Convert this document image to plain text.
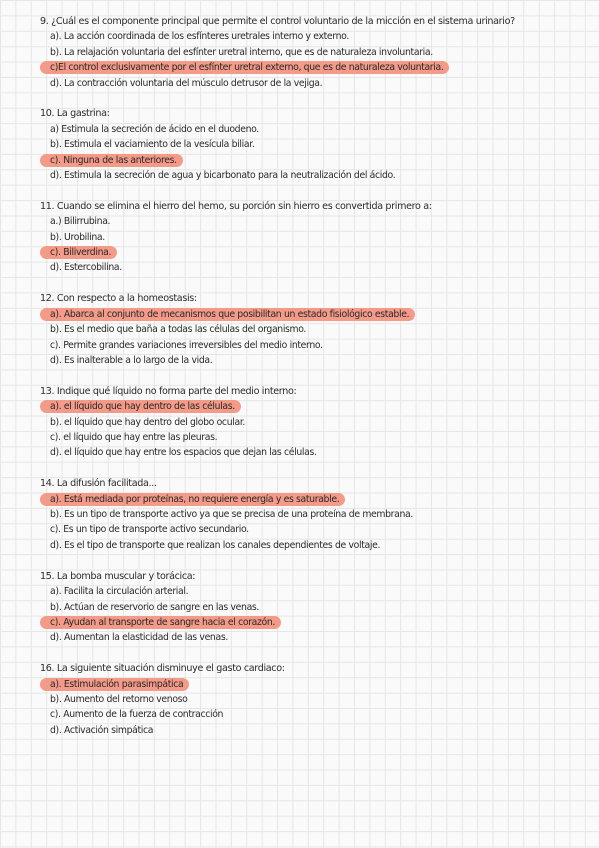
9. ¿Cuál es el componente principal que permite el control voluntario de la micción en el sistema urinario?
a). La acción coordinada de los esfínteres uretrales interno y externo.
b). La relajación voluntaria del esfínter uretral interno, que es de naturaleza involuntaria.
c)El control exclusivamente por el esfínter uretral externo, que es de naturaleza voluntaria.
d). La contracción voluntaria del músculo detrusor de la vejiga.
10. La gastrina:
a) Estimula la secreción de ácido en el duodeno.
b). Estimula el vaciamiento de la vesícula biliar.
c). Ninguna de las anteriores.
d). Estimula la secreción de agua y bicarbonato para la neutralización del ácido.
11. Cuando se elimina el hierro del hemo, su porción sin hierro es convertida primero a:
a.) Bilirrubina.
b). Urobilina.
c). Biliverdina.
d). Estercobilina.
12. Con respecto a la homeostasis:
a). Abarca al conjunto de mecanismos que posibilitan un estado fisiológico estable.
b). Es el medio que baña a todas las células del organismo.
c). Permite grandes variaciones irreversibles del medio interno.
d). Es inalterable a lo largo de la vida.
13. Indique qué líquido no forma parte del medio interno:
a). el líquido que hay dentro de las células.
b). el líquido que hay dentro del globo ocular.
c). el líquido que hay entre las pleuras.
d). el líquido que hay entre los espacios que dejan las células.
14. La difusión facilitada...
a). Está mediada por proteínas, no requiere energía y es saturable.
b). Es un tipo de transporte activo ya que se precisa de una proteína de membrana.
c). Es un tipo de transporte activo secundario.
d). Es el tipo de transporte que realizan los canales dependientes de voltaje.
15. La bomba muscular y torácica:
a). Facilita la circulación arterial.
b). Actúan de reservorio de sangre en las venas.
c). Ayudan al transporte de sangre hacia el corazón.
d). Aumentan la elasticidad de las venas.
16. La siguiente situación disminuye el gasto cardiaco:
a). Estimulación parasimpática
b). Aumento del retorno venoso
c). Aumento de la fuerza de contracción
d). Activación simpática
